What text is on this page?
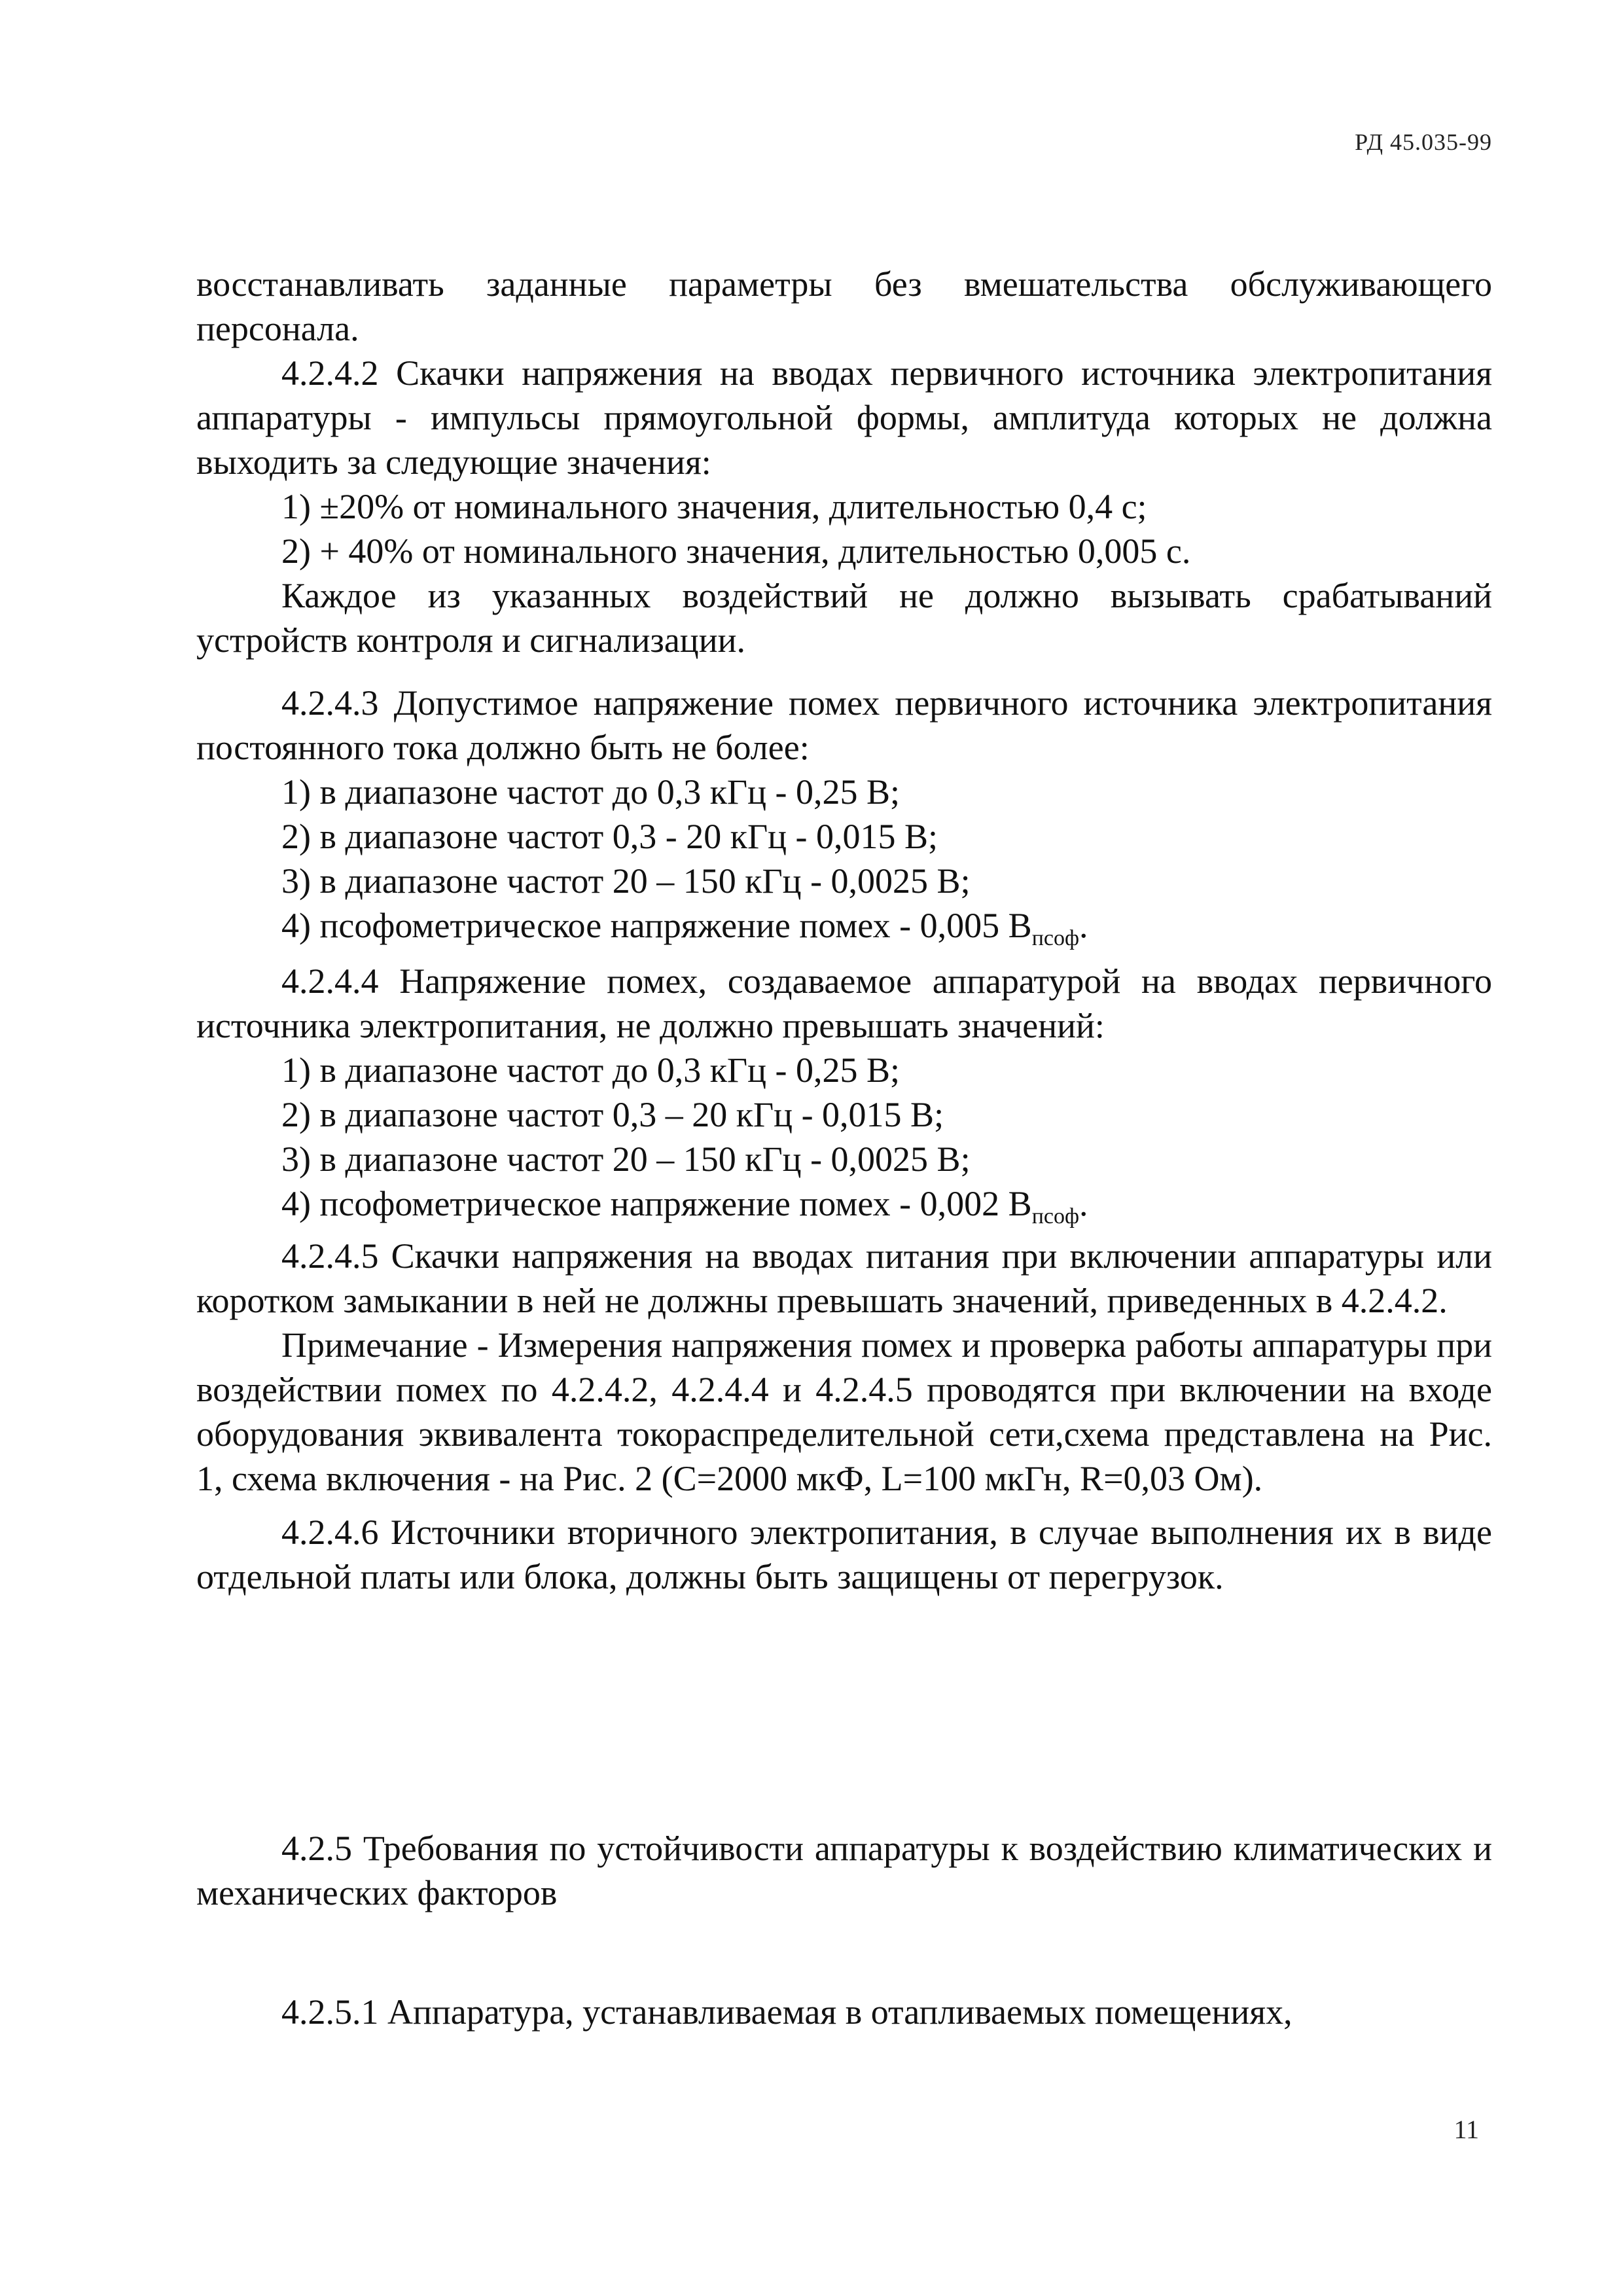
РД 45.035-99

восстанавливать заданные параметры без вмешательства обслуживающего персонала.

4.2.4.2 Скачки напряжения на вводах первичного источника электропитания аппаратуры - импульсы прямоугольной формы, амплитуда которых не должна выходить за следующие значения:

1) ±20% от номинального значения, длительностью 0,4 с;

2) + 40% от номинального значения, длительностью 0,005 с.

Каждое из указанных воздействий не должно вызывать срабатываний устройств контроля и сигнализации.

4.2.4.3 Допустимое напряжение помех первичного источника электропитания постоянного тока должно быть не более:

1) в диапазоне частот до 0,3 кГц - 0,25 В;

2) в диапазоне частот 0,3 - 20 кГц - 0,015 В;

3) в диапазоне частот 20 – 150 кГц - 0,0025 В;

4) псофометрическое напряжение помех - 0,005 $В_{псоф}$.

4.2.4.4 Напряжение помех, создаваемое аппаратурой на вводах первичного источника электропитания, не должно превышать значений:

1) в диапазоне частот до 0,3 кГц - 0,25 В;

2) в диапазоне частот 0,3 – 20 кГц - 0,015 В;

3) в диапазоне частот 20 – 150 кГц - 0,0025 В;

4) псофометрическое напряжение помех - 0,002 $В_{псоф}$.

4.2.4.5 Скачки напряжения на вводах питания при включении аппаратуры или коротком замыкании в ней не должны превышать значений, приведенных в 4.2.4.2.

Примечание - Измерения напряжения помех и проверка работы аппаратуры при воздействии помех по 4.2.4.2, 4.2.4.4 и 4.2.4.5 проводятся при включении на входе оборудования эквивалента токораспределительной сети,схема представлена на Рис. 1, схема включения - на Рис. 2 (С=2000 мкФ, L=100 мкГн, R=0,03 Ом).

4.2.4.6 Источники вторичного электропитания, в случае выполнения их в виде отдельной платы или блока, должны быть защищены от перегрузок.

4.2.5 Требования по устойчивости аппаратуры к воздействию климатических и механических факторов

4.2.5.1 Аппаратура, устанавливаемая в отапливаемых помещениях,

11
